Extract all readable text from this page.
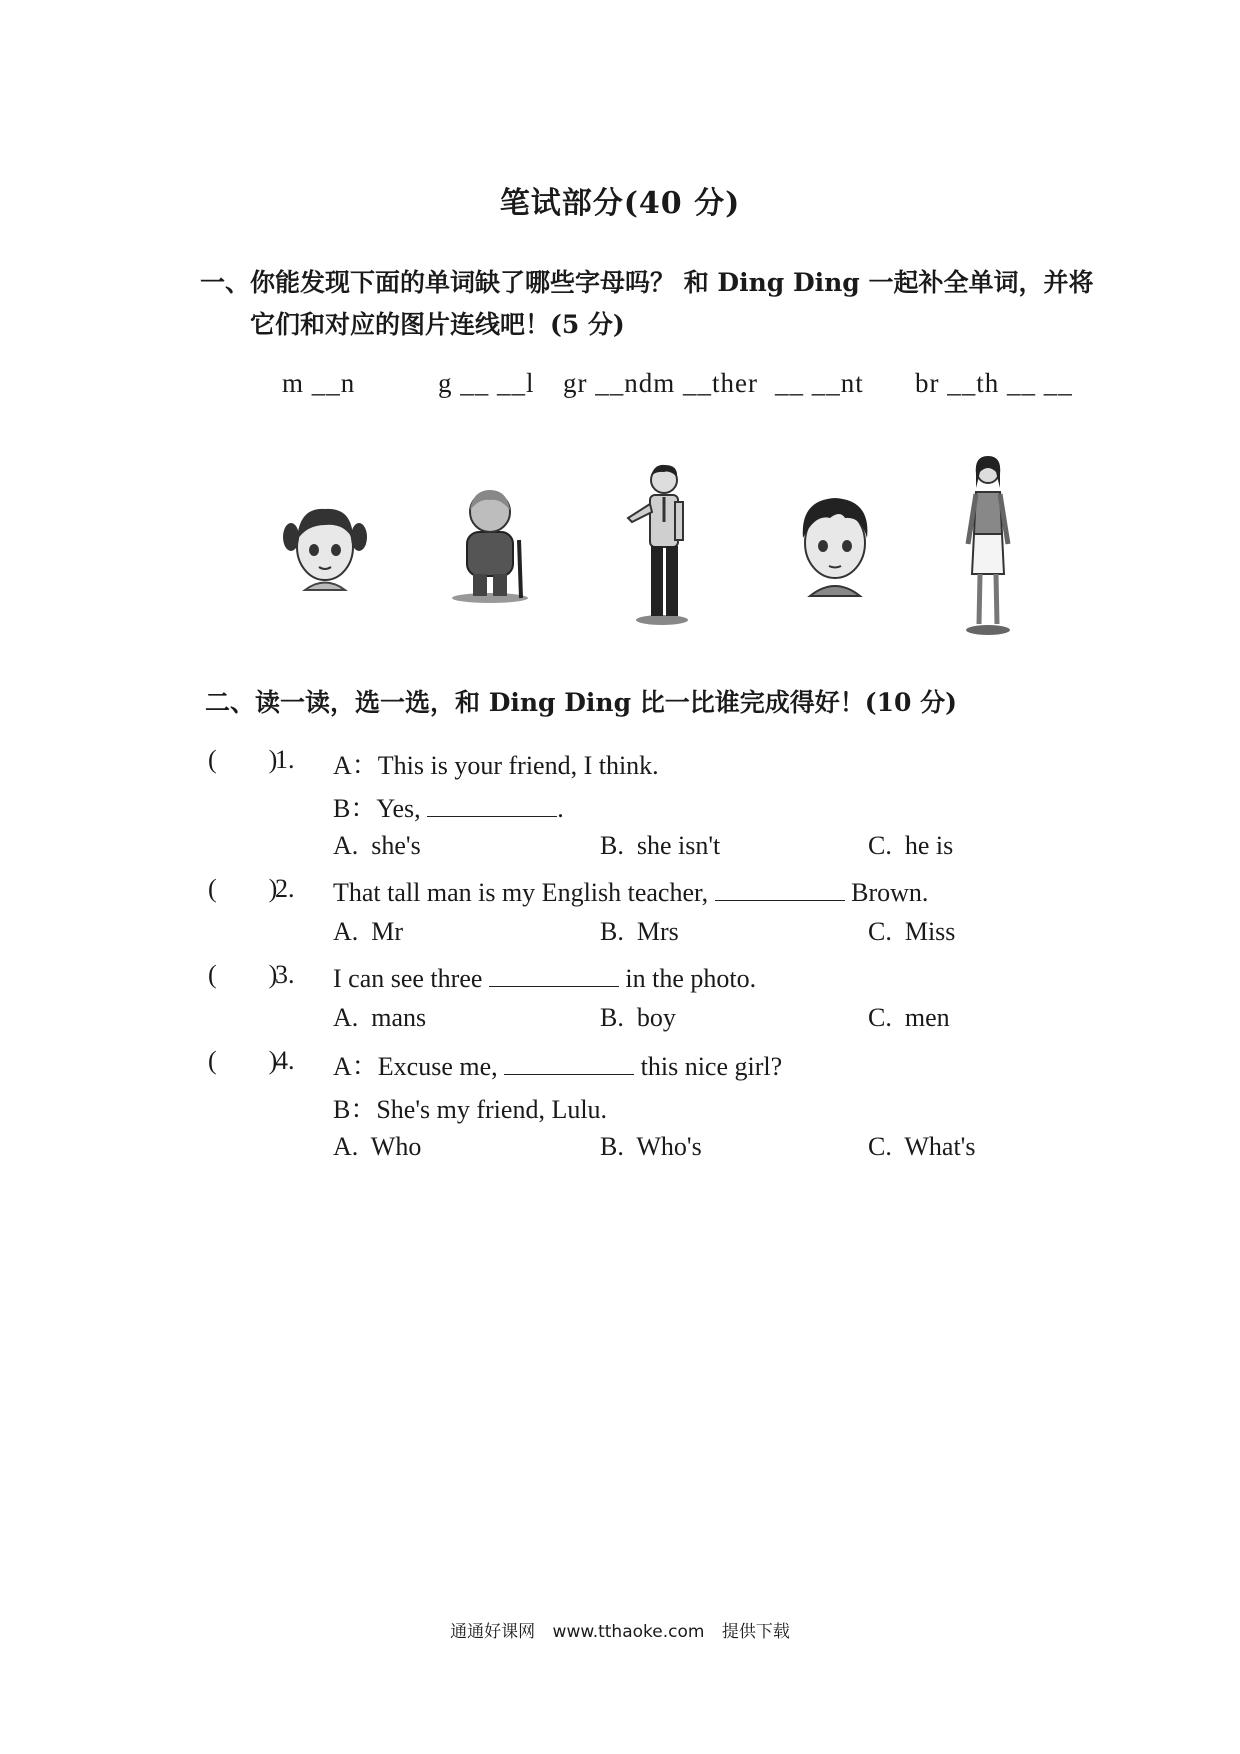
笔试部分(40 分)
一、你能发现下面的单词缺了哪些字母吗？ 和 Ding Ding 一起补全单词，并将
它们和对应的图片连线吧！(5 分)
m __n	g __ __l gr __ndm __ther __ __nt br __th __ __
二、读一读，选一选，和 Ding Ding 比一比谁完成得好！(10 分)
(        )
1. A：This is your friend, I think.
B：Yes,	.
A.  she's	B.  she isn't	C.  he is
(        )
2. That tall man is my English teacher,	Brown.
A.  Mr	B.  Mrs	C.  Miss
(        )
3. I can see three	in the photo.
A.  mans	B.  boy	C.  men
(        )
4. A：Excuse me,	this nice girl?
B：She's my friend, Lulu.
A.  Who	B.  Who's	C.  What's
通通好课网 www.tthaoke.com 提供下载
